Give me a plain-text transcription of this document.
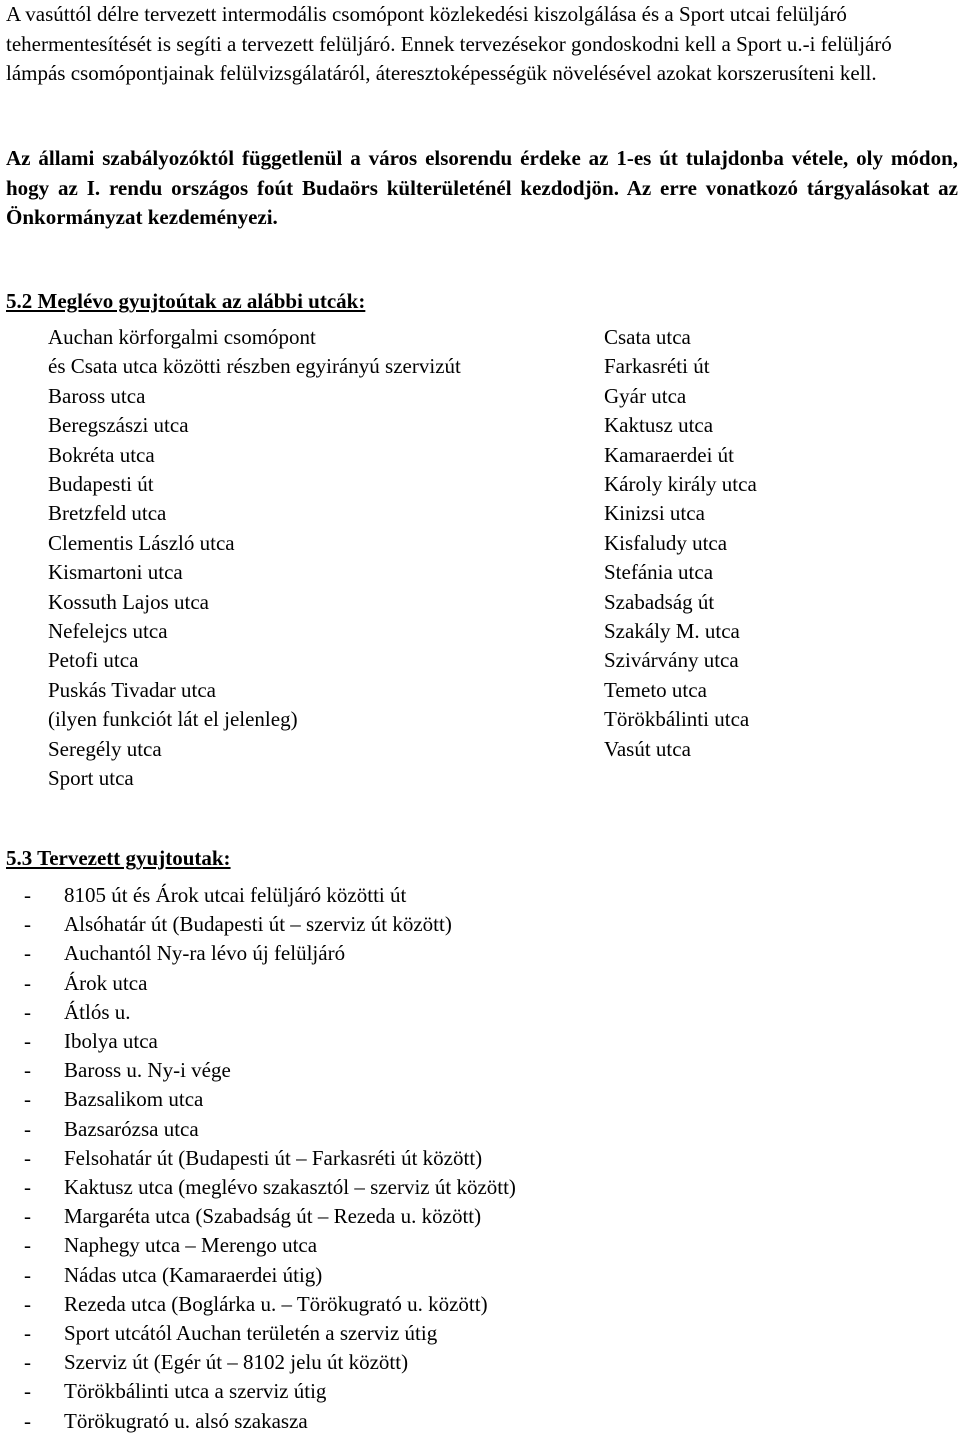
A vasúttól délre tervezett intermodális csomópont közlekedési kiszolgálása és a Sport utcai felüljáró tehermentesítését is segíti a tervezett felüljáró. Ennek tervezésekor gondoskodni kell a Sport u.-i felüljáró lámpás csomópontjainak felülvizsgálatáról, áteresztoképességük növelésével azokat korszerusíteni kell.

Az állami szabályozóktól függetlenül a város elsorendu érdeke az 1-es út tulajdonba vétele, oly módon, hogy az I. rendu országos foút Budaörs külterületénél kezdodjön. Az erre vonatkozó tárgyalásokat az Önkormányzat kezdeményezi.

5.2 Meglévo gyujtoútak az alábbi utcák:
Auchan körforgalmi csomópont
és Csata utca közötti részben egyirányú szervizút
Baross utca
Beregszászi utca
Bokréta utca
Budapesti út
Bretzfeld utca
Clementis László utca
Kismartoni utca
Kossuth Lajos utca
Nefelejcs utca
Petofi utca
Puskás Tivadar utca
(ilyen funkciót lát el jelenleg)
Seregély utca
Sport utca
Csata utca
Farkasréti út
Gyár utca
Kaktusz utca
Kamaraerdei út
Károly király utca
Kinizsi utca
Kisfaludy utca
Stefánia utca
Szabadság út
Szakály M. utca
Szivárvány utca
Temeto utca
Törökbálinti utca
Vasút utca
5.3 Tervezett gyujtoutak:
-	8105 út és Árok utcai felüljáró közötti út
-	Alsóhatár út (Budapesti út – szerviz út között)
-	Auchantól Ny-ra lévo új felüljáró
-	Árok utca
-	Átlós u.
-	Ibolya utca
-	Baross u. Ny-i vége
-	Bazsalikom utca
-	Bazsarózsa utca
-	Felsohatár út (Budapesti út – Farkasréti út között)
-	Kaktusz utca (meglévo szakasztól – szerviz út között)
-	Margaréta utca (Szabadság út – Rezeda u. között)
-	Naphegy utca – Merengo utca
-	Nádas utca (Kamaraerdei útig)
-	Rezeda utca (Boglárka u. – Törökugrató u. között)
-	Sport utcától Auchan területén a szerviz útig
-	Szerviz út (Egér út – 8102 jelu út között)
-	Törökbálinti utca a szerviz útig
-	Törökugrató u. alsó szakasza
